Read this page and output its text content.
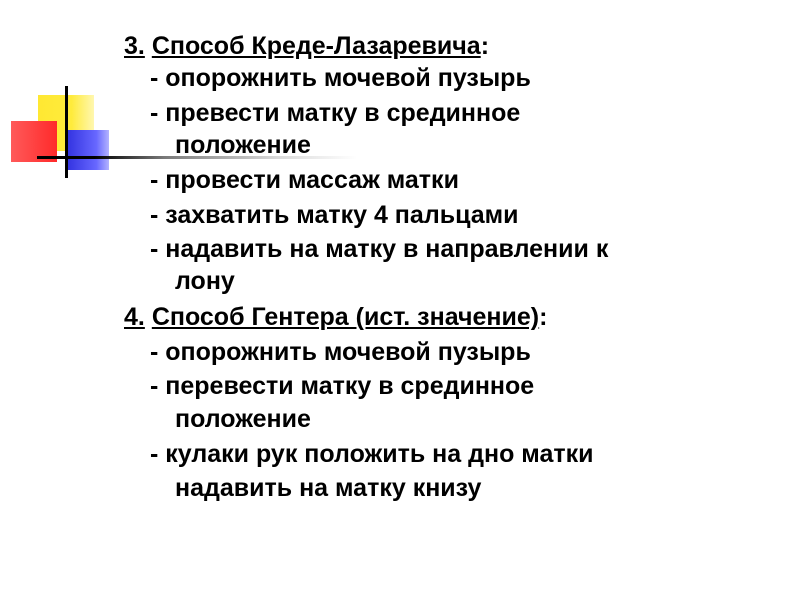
3. Способ Креде-Лазаревича:
- опорожнить мочевой пузырь
- превести матку в срединное
положение
- провести массаж матки
- захватить матку 4 пальцами
- надавить на матку в направлении к
лону
4. Способ Гентера (ист. значение):
- опорожнить мочевой пузырь
- перевести матку в срединное
положение
- кулаки рук положить на дно матки
надавить на матку книзу
